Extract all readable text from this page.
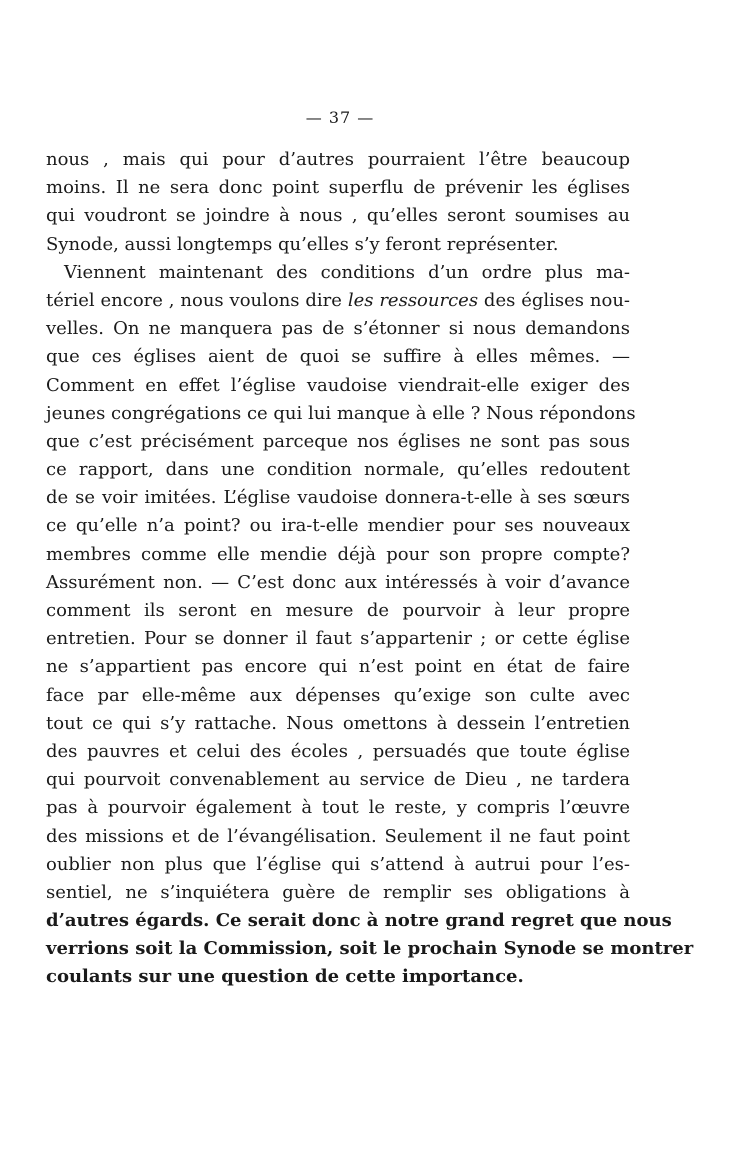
— 37 —
nous , mais qui pour d’autres pourraient l’être beaucoup
moins. Il ne sera donc point superflu de prévenir les églises
qui voudront se joindre à nous , qu’elles seront soumises au
Synode, aussi longtemps qu’elles s’y feront représenter.
Viennent maintenant des conditions d’un ordre plus ma-
tériel encore , nous voulons dire les ressources des églises nou-
velles. On ne manquera pas de s’étonner si nous demandons
que ces églises aient de quoi se suffire à elles mêmes. —
Comment en effet l’église vaudoise viendrait-elle exiger des
jeunes congrégations ce qui lui manque à elle ? Nous répondons
que c’est précisément parceque nos églises ne sont pas sous
ce rapport, dans une condition normale, qu’elles redoutent
de se voir imitées. L’église vaudoise donnera-t-elle à ses sœurs
ce qu’elle n’a point? ou ira-t-elle mendier pour ses nouveaux
membres comme elle mendie déjà pour son propre compte?
Assurément non. — C’est donc aux intéressés à voir d’avance
comment ils seront en mesure de pourvoir à leur propre
entretien. Pour se donner il faut s’appartenir ; or cette église
ne s’appartient pas encore qui n’est point en état de faire
face par elle-même aux dépenses qu’exige son culte avec
tout ce qui s’y rattache. Nous omettons à dessein l’entretien
des pauvres et celui des écoles , persuadés que toute église
qui pourvoit convenablement au service de Dieu , ne tardera
pas à pourvoir également à tout le reste, y compris l’œuvre
des missions et de l’évangélisation. Seulement il ne faut point
oublier non plus que l’église qui s’attend à autrui pour l’es-
sentiel, ne s’inquiétera guère de remplir ses obligations à
d’autres égards. Ce serait donc à notre grand regret que nous
verrions soit la Commission, soit le prochain Synode se montrer
coulants sur une question de cette importance.
